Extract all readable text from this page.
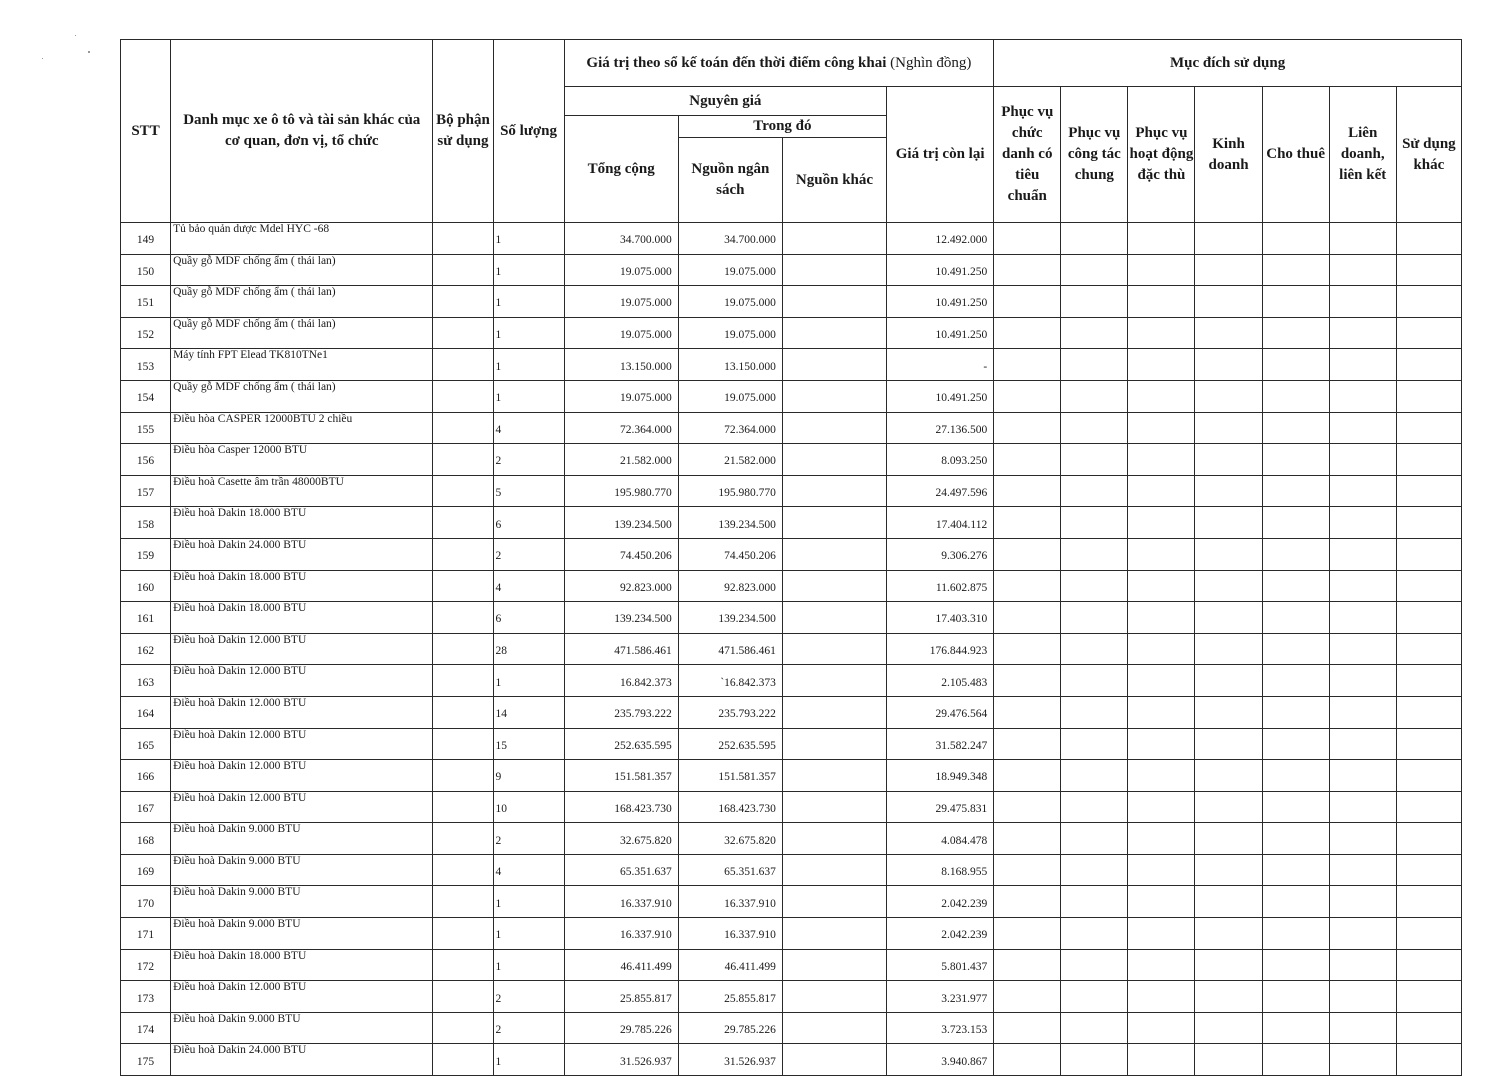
STT	Danh mục xe ô tô và tài sản khác của cơ quan, đơn vị, tổ chức	Bộ phận sử dụng	Số lượng	Giá trị theo sổ kế toán đến thời điểm công khai (Nghìn đồng)				Mục đích sử dụng						
				Nguyên giá			Giá trị còn lại	Phục vụ chức danh có tiêu chuẩn	Phục vụ công tác chung	Phục vụ hoạt động đặc thù	Kinh doanh	Cho thuê	Liên doanh, liên kết	Sử dụng khác
				Tổng cộng	Trong đó									
					Nguồn ngân sách	Nguồn khác								
149	Tủ bảo quản dược Mdel HYC -68		1	34.700.000	34.700.000		12.492.000							
150	Quầy gỗ MDF chống ẩm ( thái lan)		1	19.075.000	19.075.000		10.491.250							
151	Quầy gỗ MDF chống ẩm ( thái lan)		1	19.075.000	19.075.000		10.491.250							
152	Quầy gỗ MDF chống ẩm ( thái lan)		1	19.075.000	19.075.000		10.491.250							
153	Máy tính FPT Elead TK810TNe1		1	13.150.000	13.150.000		-							
154	Quầy gỗ MDF chống ẩm ( thái lan)		1	19.075.000	19.075.000		10.491.250							
155	Điều hòa CASPER 12000BTU 2 chiều		4	72.364.000	72.364.000		27.136.500							
156	Điều hòa Casper 12000 BTU		2	21.582.000	21.582.000		8.093.250							
157	Điều hoà Casette âm trần 48000BTU		5	195.980.770	195.980.770		24.497.596							
158	Điều hoà Dakin 18.000 BTU		6	139.234.500	139.234.500		17.404.112							
159	Điều hoà Dakin 24.000 BTU		2	74.450.206	74.450.206		9.306.276							
160	Điều hoà Dakin 18.000 BTU		4	92.823.000	92.823.000		11.602.875							
161	Điều hoà Dakin 18.000 BTU		6	139.234.500	139.234.500		17.403.310							
162	Điều hoà Dakin 12.000 BTU		28	471.586.461	471.586.461		176.844.923							
163	Điều hoà Dakin 12.000 BTU		1	16.842.373	`16.842.373		2.105.483							
164	Điều hoà Dakin 12.000 BTU		14	235.793.222	235.793.222		29.476.564							
165	Điều hoà Dakin 12.000 BTU		15	252.635.595	252.635.595		31.582.247							
166	Điều hoà Dakin 12.000 BTU		9	151.581.357	151.581.357		18.949.348							
167	Điều hoà Dakin 12.000 BTU		10	168.423.730	168.423.730		29.475.831							
168	Điều hoà Dakin 9.000 BTU		2	32.675.820	32.675.820		4.084.478							
169	Điều hoà Dakin 9.000 BTU		4	65.351.637	65.351.637		8.168.955							
170	Điều hoà Dakin 9.000 BTU		1	16.337.910	16.337.910		2.042.239							
171	Điều hoà Dakin 9.000 BTU		1	16.337.910	16.337.910		2.042.239							
172	Điều hoà Dakin 18.000 BTU		1	46.411.499	46.411.499		5.801.437							
173	Điều hoà Dakin 12.000 BTU		2	25.855.817	25.855.817		3.231.977							
174	Điều hoà Dakin 9.000 BTU		2	29.785.226	29.785.226		3.723.153							
175	Điều hoà Dakin 24.000 BTU		1	31.526.937	31.526.937		3.940.867							
